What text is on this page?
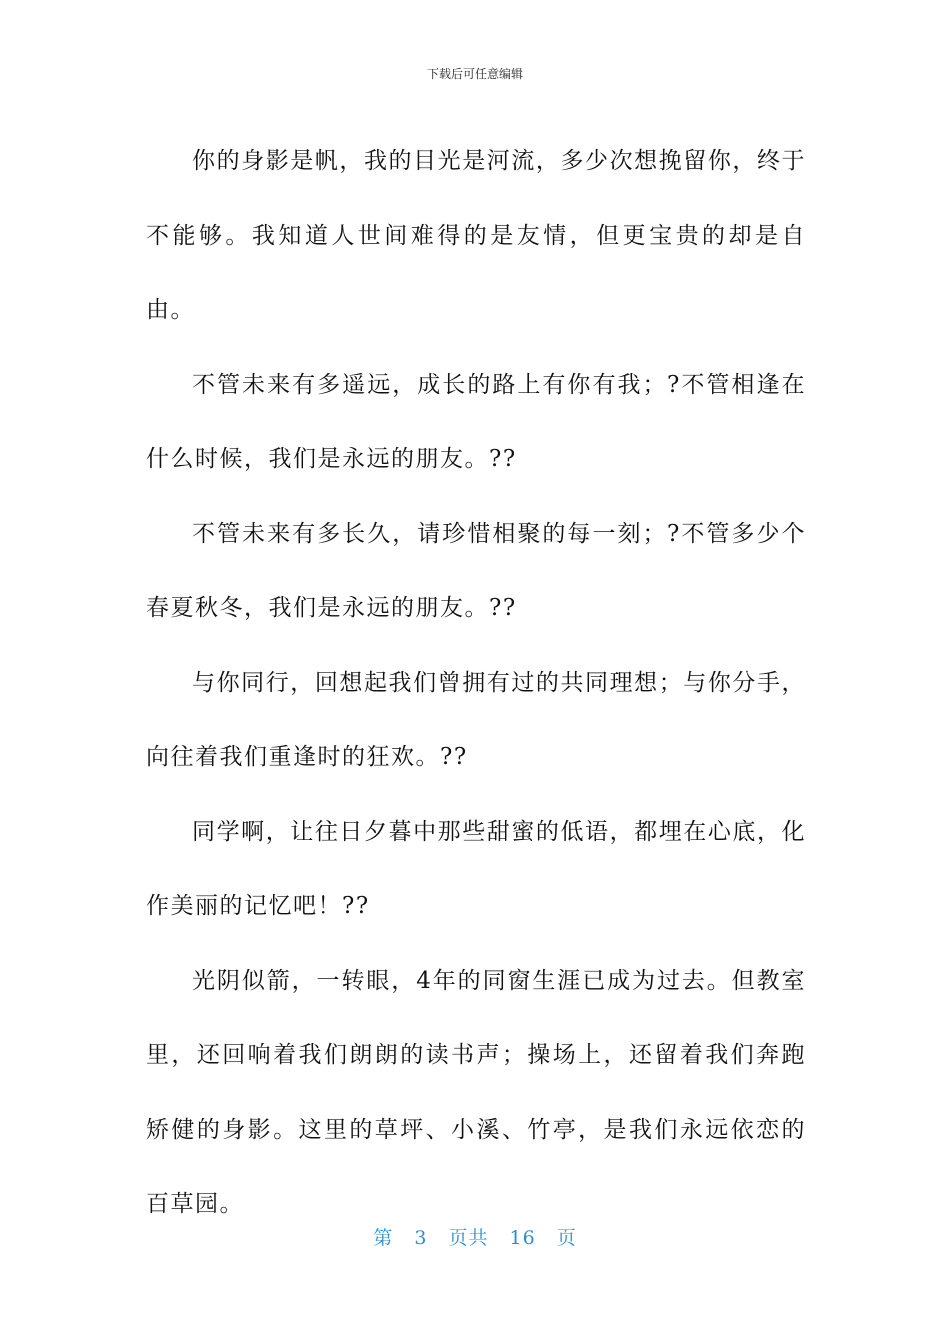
下载后可任意编辑

你的身影是帆，我的目光是河流，多少次想挽留你，终于不能够。我知道人世间难得的是友情，但更宝贵的却是自由。

不管未来有多遥远，成长的路上有你有我；?不管相逢在什么时候，我们是永远的朋友。??

不管未来有多长久，请珍惜相聚的每一刻；?不管多少个春夏秋冬，我们是永远的朋友。??

与你同行，回想起我们曾拥有过的共同理想；与你分手，向往着我们重逢时的狂欢。??

同学啊，让往日夕暮中那些甜蜜的低语，都埋在心底，化作美丽的记忆吧！??

光阴似箭，一转眼，4年的同窗生涯已成为过去。但教室里，还回响着我们朗朗的读书声；操场上，还留着我们奔跑矫健的身影。这里的草坪、小溪、竹亭，是我们永远依恋的百草园。

第 3 页共 16 页
